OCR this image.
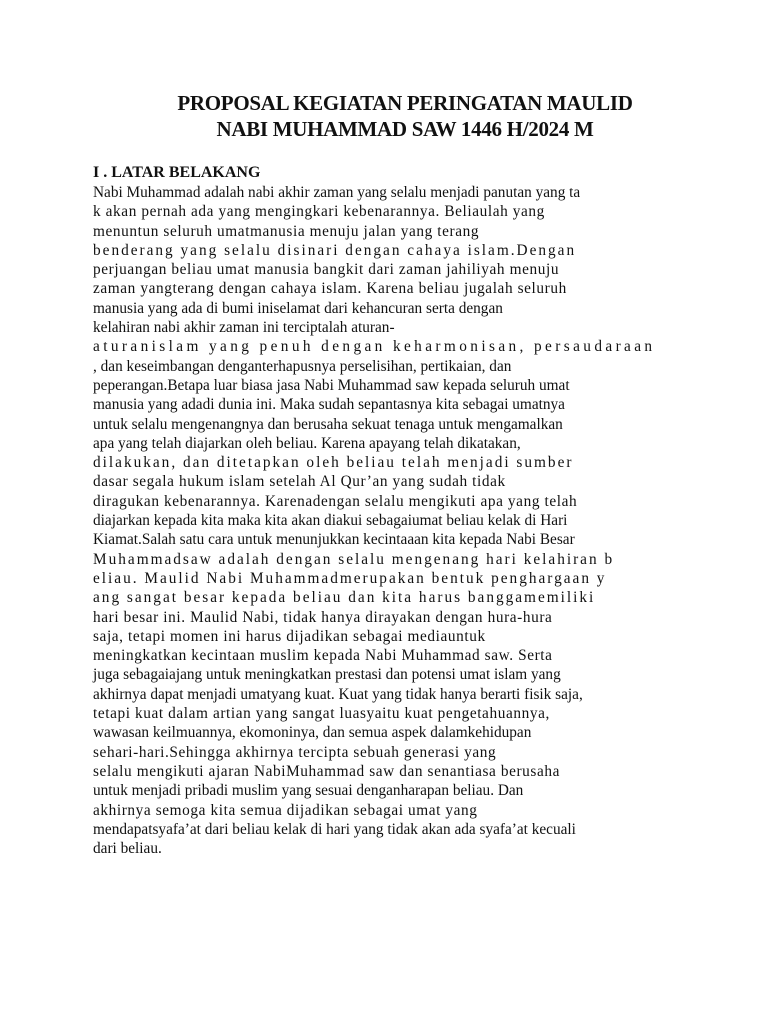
PROPOSAL KEGIATAN PERINGATAN MAULID
NABI MUHAMMAD SAW 1446 H/2024 M
I . LATAR BELAKANG
Nabi Muhammad adalah nabi akhir zaman yang selalu menjadi panutan yang ta
k akan pernah ada yang mengingkari kebenarannya. Beliaulah yang
menuntun seluruh umatmanusia menuju jalan yang terang
benderang yang selalu disinari dengan cahaya islam.Dengan
perjuangan beliau umat manusia bangkit dari zaman jahiliyah menuju
zaman yangterang dengan cahaya islam. Karena beliau jugalah seluruh
manusia yang ada di bumi iniselamat dari kehancuran serta dengan
kelahiran nabi akhir zaman ini terciptalah aturan-
aturanislam yang penuh dengan keharmonisan, persaudaraan
, dan keseimbangan denganterhapusnya perselisihan, pertikaian, dan
peperangan.Betapa luar biasa jasa Nabi Muhammad saw kepada seluruh umat
manusia yang adadi dunia ini. Maka sudah sepantasnya kita sebagai umatnya
untuk selalu mengenangnya dan berusaha sekuat tenaga untuk mengamalkan
apa yang telah diajarkan oleh beliau. Karena apayang telah dikatakan,
dilakukan, dan ditetapkan oleh beliau telah menjadi sumber
dasar segala hukum islam setelah Al Qur’an yang sudah tidak
diragukan kebenarannya. Karenadengan selalu mengikuti apa yang telah
diajarkan kepada kita maka kita akan diakui sebagaiumat beliau kelak di Hari
Kiamat.Salah satu cara untuk menunjukkan kecintaaan kita kepada Nabi Besar
Muhammadsaw adalah dengan selalu mengenang hari kelahiran b
eliau. Maulid Nabi Muhammadmerupakan bentuk penghargaan y
ang sangat besar kepada beliau dan kita harus banggamemiliki
hari besar ini. Maulid Nabi, tidak hanya dirayakan dengan hura-hura
saja, tetapi momen ini harus dijadikan sebagai mediauntuk
meningkatkan kecintaan muslim kepada Nabi Muhammad saw. Serta
juga sebagaiajang untuk meningkatkan prestasi dan potensi umat islam yang
akhirnya dapat menjadi umatyang kuat. Kuat yang tidak hanya berarti fisik saja,
tetapi kuat dalam artian yang sangat luasyaitu kuat pengetahuannya,
wawasan keilmuannya, ekomoninya, dan semua aspek dalamkehidupan
sehari-hari.Sehingga akhirnya tercipta sebuah generasi yang
selalu mengikuti ajaran NabiMuhammad saw dan senantiasa berusaha
untuk menjadi pribadi muslim yang sesuai denganharapan beliau. Dan
akhirnya semoga kita semua dijadikan sebagai umat yang
mendapatsyafa’at dari beliau kelak di hari yang tidak akan ada syafa’at kecuali
dari beliau.
